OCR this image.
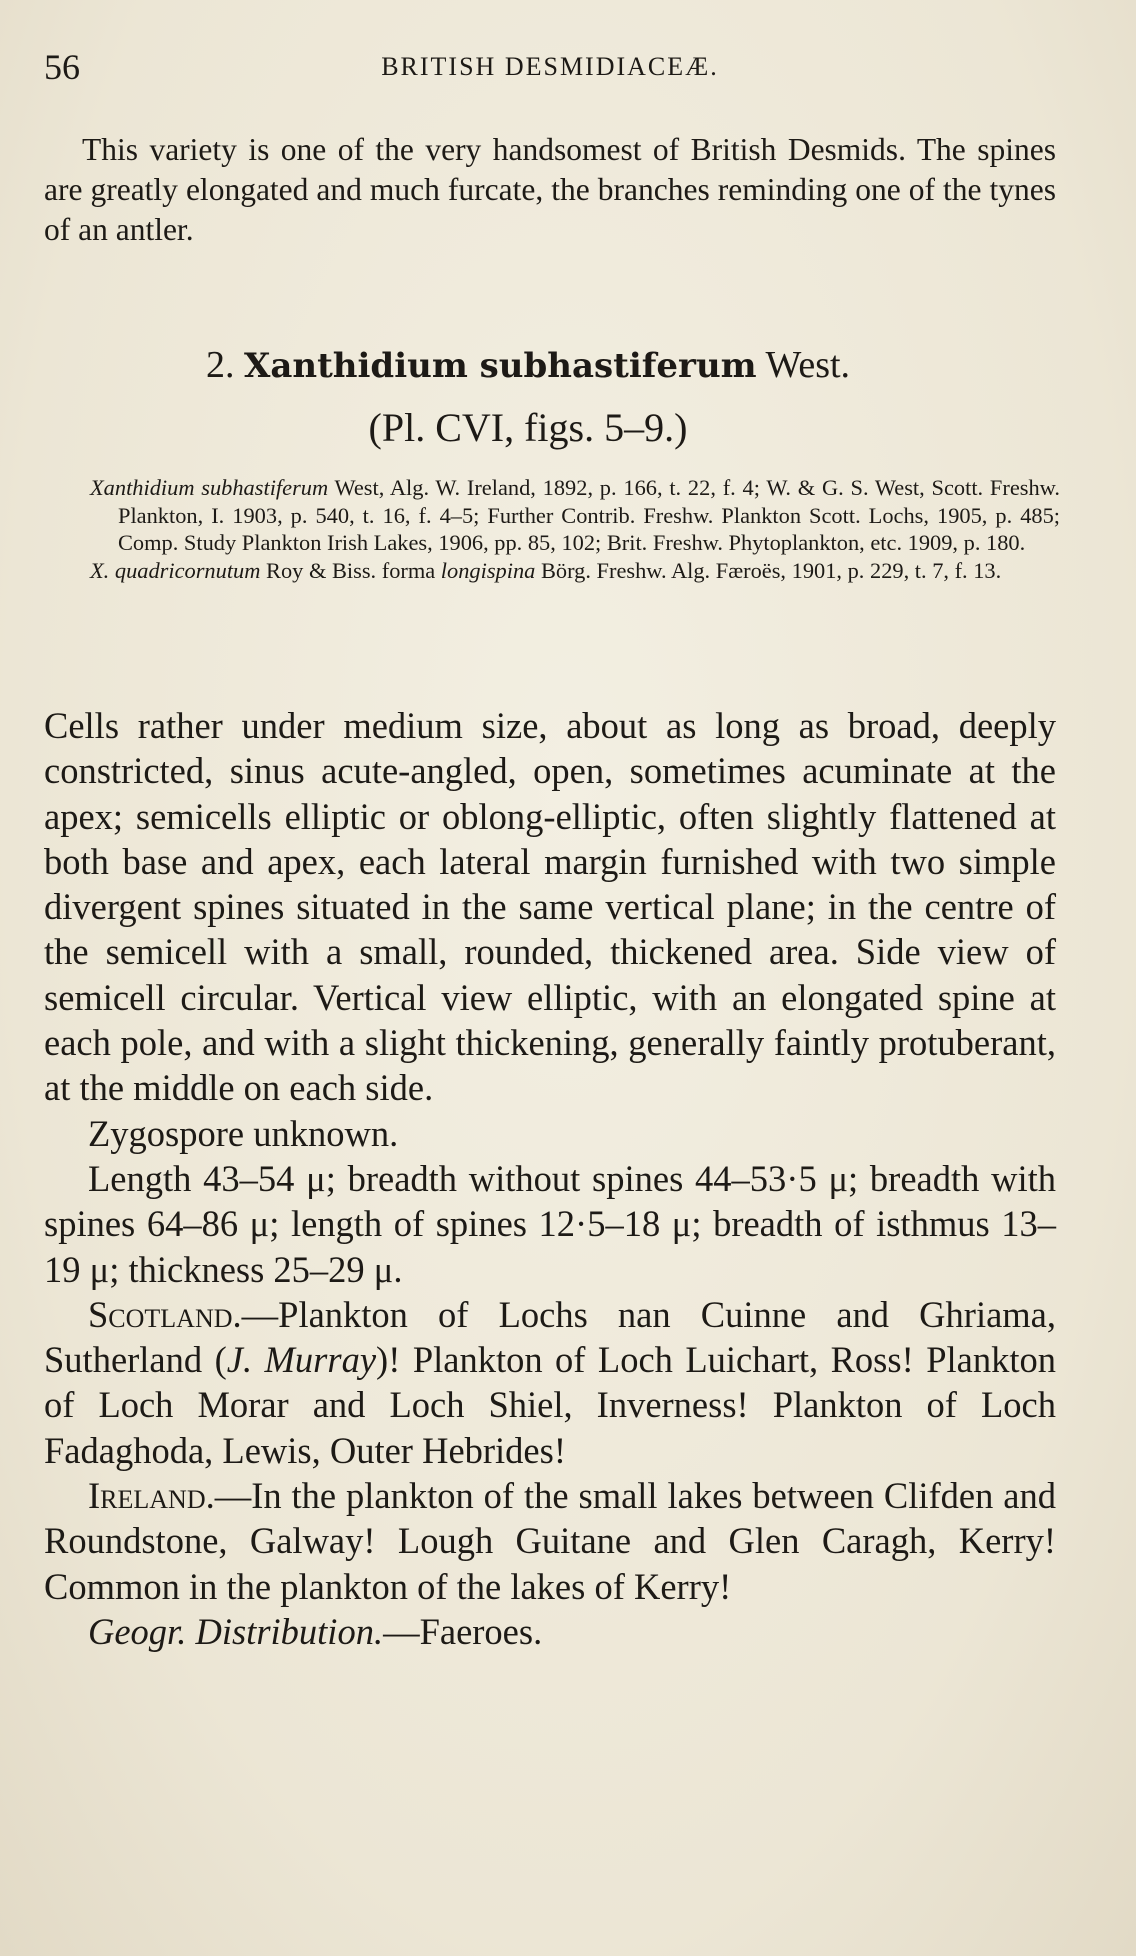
56	BRITISH DESMIDIACEÆ.
This variety is one of the very handsomest of British Desmids. The spines are greatly elongated and much furcate, the branches reminding one of the tynes of an antler.
2. Xanthidium subhastiferum West.
(Pl. CVI, figs. 5–9.)

Xanthidium subhastiferum West, Alg. W. Ireland, 1892, p. 166, t. 22, f. 4; W. & G. S. West, Scott. Freshw. Plankton, I. 1903, p. 540, t. 16, f. 4–5; Further Contrib. Freshw. Plankton Scott. Lochs, 1905, p. 485; Comp. Study Plankton Irish Lakes, 1906, pp. 85, 102; Brit. Freshw. Phytoplankton, etc. 1909, p. 180.

X. quadricornutum Roy & Biss. forma longispina Börg. Freshw. Alg. Færoës, 1901, p. 229, t. 7, f. 13.

Cells rather under medium size, about as long as broad, deeply constricted, sinus acute-angled, open, sometimes acuminate at the apex; semicells elliptic or oblong-elliptic, often slightly flattened at both base and apex, each lateral margin furnished with two simple divergent spines situated in the same vertical plane; in the centre of the semicell with a small, rounded, thickened area. Side view of semicell circular. Vertical view elliptic, with an elongated spine at each pole, and with a slight thickening, generally faintly protuberant, at the middle on each side.

Zygospore unknown.

Length 43–54 μ; breadth without spines 44–53·5 μ; breadth with spines 64–86 μ; length of spines 12·5–18 μ; breadth of isthmus 13–19 μ; thickness 25–29 μ.

Scotland.—Plankton of Lochs nan Cuinne and Ghriama, Sutherland (J. Murray)! Plankton of Loch Luichart, Ross! Plankton of Loch Morar and Loch Shiel, Inverness! Plankton of Loch Fadaghoda, Lewis, Outer Hebrides!

Ireland.—In the plankton of the small lakes between Clifden and Roundstone, Galway! Lough Guitane and Glen Caragh, Kerry! Common in the plankton of the lakes of Kerry!

Geogr. Distribution.—Faeroes.
